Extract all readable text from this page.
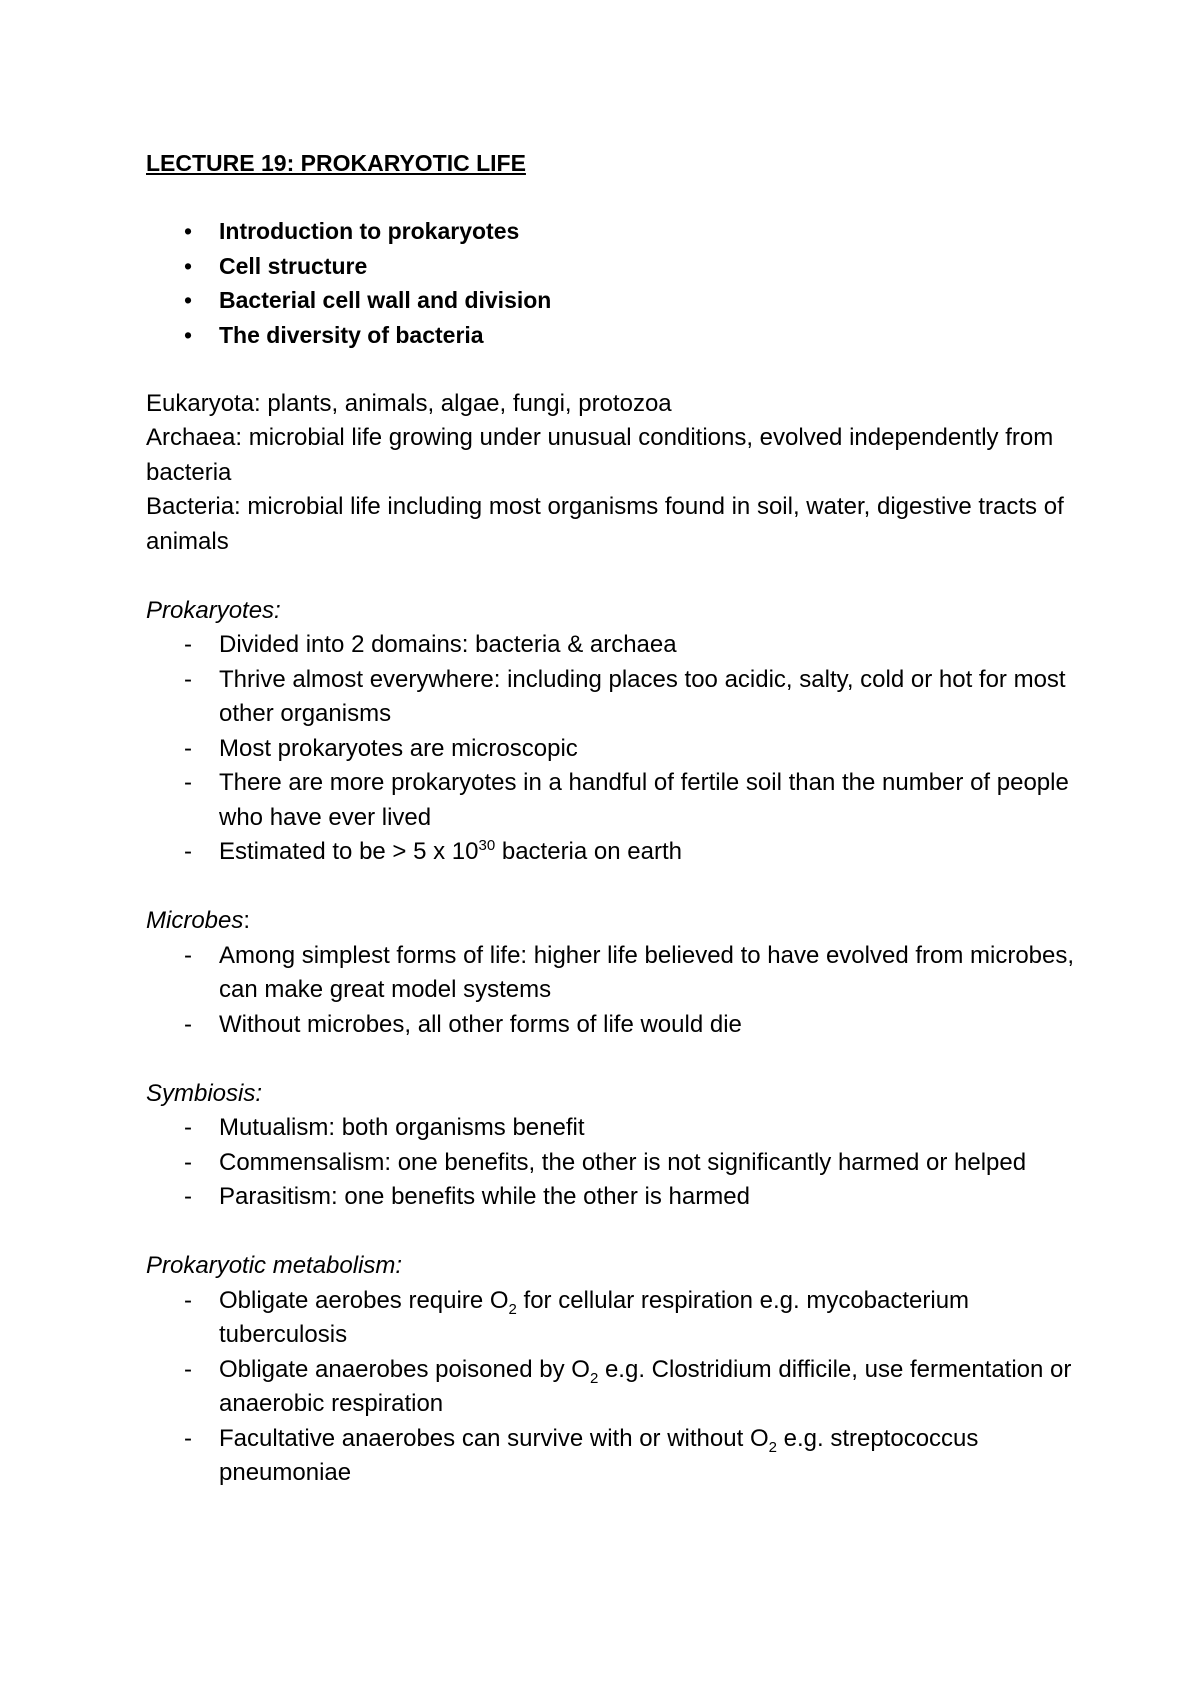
LECTURE 19: PROKARYOTIC LIFE

• Introduction to prokaryotes
• Cell structure
• Bacterial cell wall and division
• The diversity of bacteria

Eukaryota: plants, animals, algae, fungi, protozoa

Archaea: microbial life growing under unusual conditions, evolved independently from bacteria

Bacteria: microbial life including most organisms found in soil, water, digestive tracts of animals

Prokaryotes:

- Divided into 2 domains: bacteria & archaea
- Thrive almost everywhere: including places too acidic, salty, cold or hot for most other organisms
- Most prokaryotes are microscopic
- There are more prokaryotes in a handful of fertile soil than the number of people who have ever lived
- Estimated to be > 5 x $10^{30}$ bacteria on earth

Microbes:

- Among simplest forms of life: higher life believed to have evolved from microbes, can make great model systems
- Without microbes, all other forms of life would die

Symbiosis:

- Mutualism: both organisms benefit
- Commensalism: one benefits, the other is not significantly harmed or helped
- Parasitism: one benefits while the other is harmed

Prokaryotic metabolism:

- Obligate aerobes require $O_2$ for cellular respiration e.g. mycobacterium tuberculosis
- Obligate anaerobes poisoned by $O_2$ e.g. Clostridium difficile, use fermentation or anaerobic respiration
- Facultative anaerobes can survive with or without $O_2$ e.g. streptococcus pneumoniae
